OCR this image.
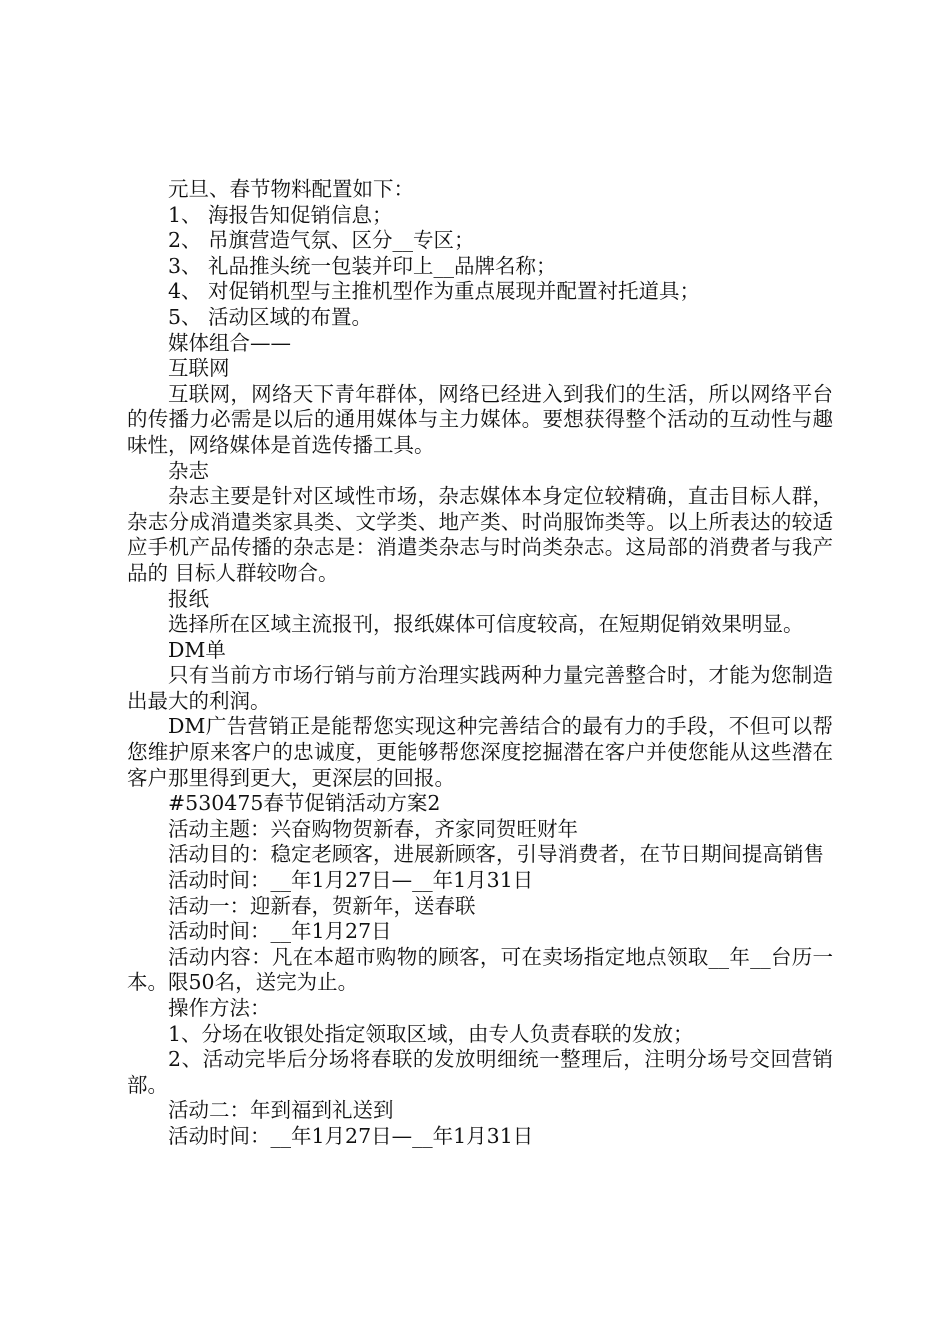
元旦、春节物料配置如下：

1、 海报告知促销信息；

2、 吊旗营造气氛、区分__专区；

3、 礼品推头统一包装并印上__品牌名称；

4、 对促销机型与主推机型作为重点展现并配置衬托道具；

5、 活动区域的布置。

媒体组合——

互联网

互联网，网络天下青年群体，网络已经进入到我们的生活，所以网络平台的传播力必需是以后的通用媒体与主力媒体。要想获得整个活动的互动性与趣味性，网络媒体是首选传播工具。

杂志

杂志主要是针对区域性市场，杂志媒体本身定位较精确，直击目标人群，杂志分成消遣类家具类、文学类、地产类、时尚服饰类等。以上所表达的较适应手机产品传播的杂志是：消遣类杂志与时尚类杂志。这局部的消费者与我产品的 目标人群较吻合。

报纸

选择所在区域主流报刊，报纸媒体可信度较高，在短期促销效果明显。

DM单

只有当前方市场行销与前方治理实践两种力量完善整合时，才能为您制造出最大的利润。

DM广告营销正是能帮您实现这种完善结合的最有力的手段，不但可以帮您维护原来客户的忠诚度，更能够帮您深度挖掘潜在客户并使您能从这些潜在客户那里得到更大，更深层的回报。

#530475春节促销活动方案2

活动主题：兴奋购物贺新春，齐家同贺旺财年

活动目的：稳定老顾客，进展新顾客，引导消费者，在节日期间提高销售

活动时间：__年1月27日—__年1月31日

活动一：迎新春，贺新年，送春联

活动时间：__年1月27日

活动内容：凡在本超市购物的顾客，可在卖场指定地点领取__年__台历一本。限50名，送完为止。

操作方法：

1、分场在收银处指定领取区域，由专人负责春联的发放；

2、活动完毕后分场将春联的发放明细统一整理后，注明分场号交回营销部。

活动二：年到福到礼送到

活动时间：__年1月27日—__年1月31日
